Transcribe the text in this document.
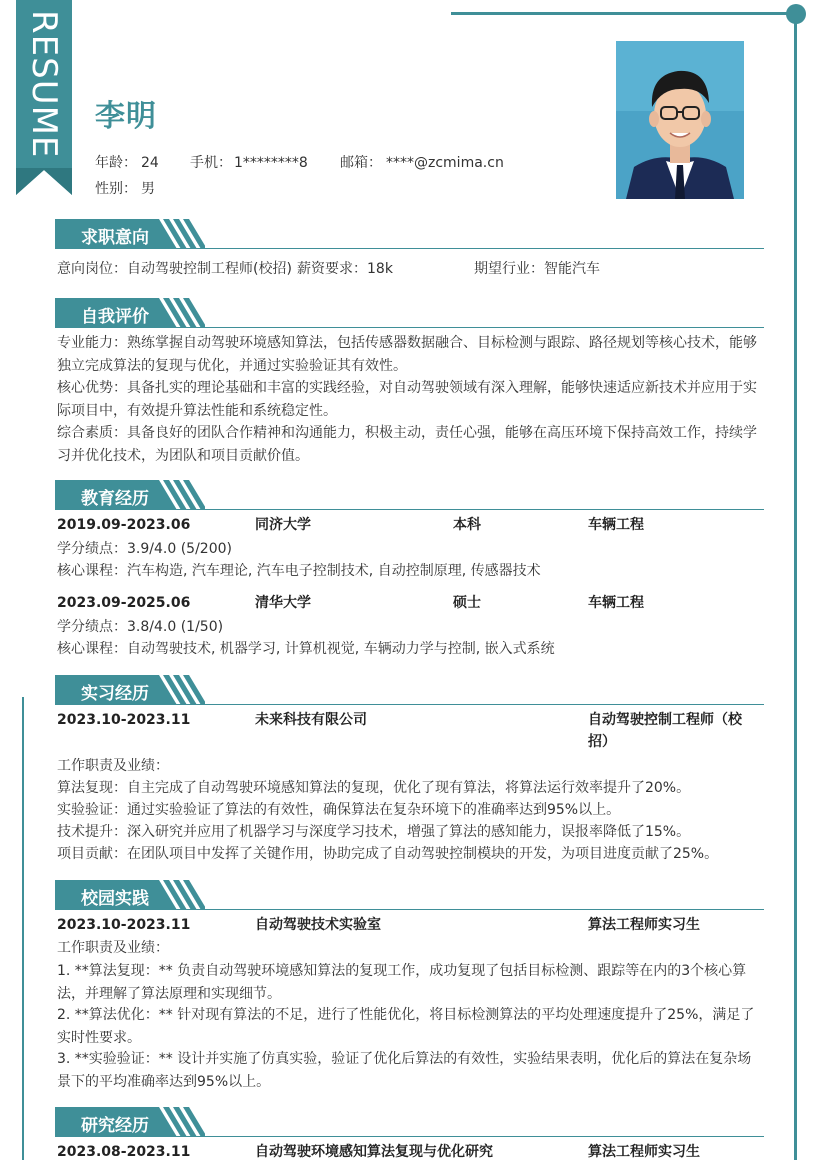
RESUME 李明
年龄： 24 手机： 1********8 邮箱： ****@zcmima.cn
性别： 男
求职意向
意向岗位：自动驾驶控制工程师(校招) 薪资要求：18k	期望行业：智能汽车
自我评价
专业能力：熟练掌握自动驾驶环境感知算法，包括传感器数据融合、目标检测与跟踪、路径规划等核心技术，能够独立完成算法的复现与优化，并通过实验验证其有效性。
核心优势：具备扎实的理论基础和丰富的实践经验，对自动驾驶领域有深入理解，能够快速适应新技术并应用于实际项目中，有效提升算法性能和系统稳定性。
综合素质：具备良好的团队合作精神和沟通能力，积极主动，责任心强，能够在高压环境下保持高效工作，持续学习并优化技术，为团队和项目贡献价值。
教育经历
2019.09-2023.06	同济大学	本科	车辆工程
学分绩点：3.9/4.0 (5/200)
核心课程：汽车构造, 汽车理论, 汽车电子控制技术, 自动控制原理, 传感器技术
2023.09-2025.06	清华大学	硕士	车辆工程
学分绩点：3.8/4.0 (1/50)
核心课程：自动驾驶技术, 机器学习, 计算机视觉, 车辆动力学与控制, 嵌入式系统
实习经历
2023.10-2023.11	未来科技有限公司	自动驾驶控制工程师（校
招）
工作职责及业绩：
算法复现：自主完成了自动驾驶环境感知算法的复现，优化了现有算法，将算法运行效率提升了20%。
实验验证：通过实验验证了算法的有效性，确保算法在复杂环境下的准确率达到95%以上。
技术提升：深入研究并应用了机器学习与深度学习技术，增强了算法的感知能力，误报率降低了15%。
项目贡献：在团队项目中发挥了关键作用，协助完成了自动驾驶控制模块的开发，为项目进度贡献了25%。
校园实践
2023.10-2023.11	自动驾驶技术实验室	算法工程师实习生
工作职责及业绩：
1. **算法复现：** 负责自动驾驶环境感知算法的复现工作，成功复现了包括目标检测、跟踪等在内的3个核心算法，并理解了算法原理和实现细节。
2. **算法优化：** 针对现有算法的不足，进行了性能优化，将目标检测算法的平均处理速度提升了25%，满足了实时性要求。
3. **实验验证：** 设计并实施了仿真实验，验证了优化后算法的有效性，实验结果表明，优化后的算法在复杂场景下的平均准确率达到95%以上。
研究经历
2023.08-2023.11	自动驾驶环境感知算法复现与优化研究	算法工程师实习生
